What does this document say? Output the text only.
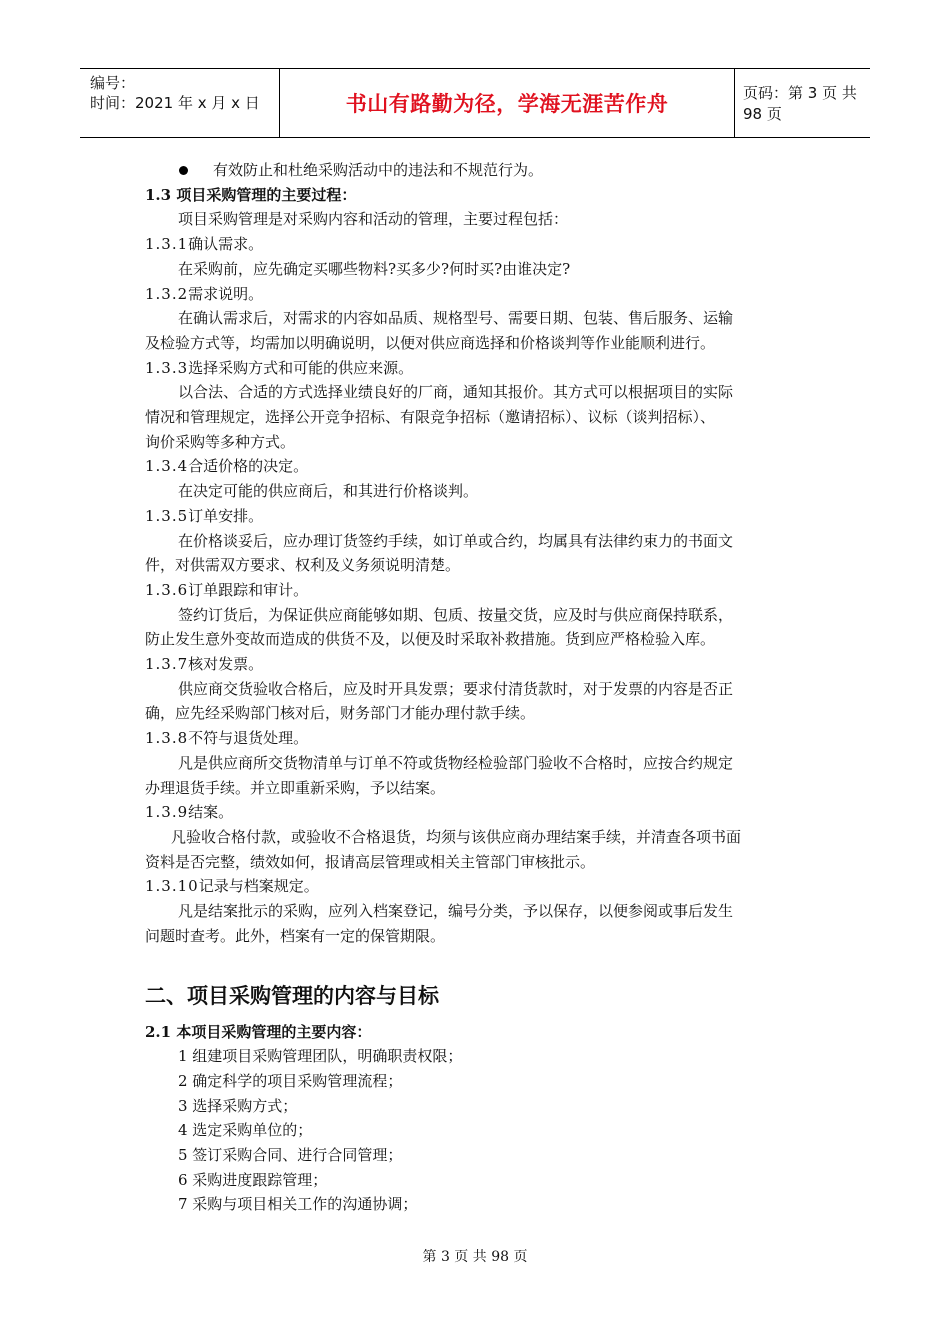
编号：
时间：2021 年 x 月 x 日	书山有路勤为径，学海无涯苦作舟	页码：第 3 页 共 98 页
有效防止和杜绝采购活动中的违法和不规范行为。
1.3 项目采购管理的主要过程：
项目采购管理是对采购内容和活动的管理，主要过程包括：
1.3.1确认需求。
在采购前，应先确定买哪些物料?买多少?何时买?由谁决定?
1.3.2需求说明。
在确认需求后，对需求的内容如品质、规格型号、需要日期、包装、售后服务、运输
及检验方式等，均需加以明确说明，以便对供应商选择和价格谈判等作业能顺利进行。
1.3.3选择采购方式和可能的供应来源。
以合法、合适的方式选择业绩良好的厂商，通知其报价。其方式可以根据项目的实际
情况和管理规定，选择公开竞争招标、有限竞争招标（邀请招标）、议标（谈判招标）、
询价采购等多种方式。
1.3.4合适价格的决定。
在决定可能的供应商后，和其进行价格谈判。
1.3.5订单安排。
在价格谈妥后，应办理订货签约手续，如订单或合约，均属具有法律约束力的书面文
件，对供需双方要求、权利及义务须说明清楚。
1.3.6订单跟踪和审计。
签约订货后，为保证供应商能够如期、包质、按量交货，应及时与供应商保持联系，
防止发生意外变故而造成的供货不及，以便及时采取补救措施。货到应严格检验入库。
1.3.7核对发票。
供应商交货验收合格后，应及时开具发票；要求付清货款时，对于发票的内容是否正
确，应先经采购部门核对后，财务部门才能办理付款手续。
1.3.8不符与退货处理。
凡是供应商所交货物清单与订单不符或货物经检验部门验收不合格时，应按合约规定
办理退货手续。并立即重新采购，予以结案。
1.3.9结案。
凡验收合格付款，或验收不合格退货，均须与该供应商办理结案手续，并清查各项书面
资料是否完整，绩效如何，报请高层管理或相关主管部门审核批示。
1.3.10记录与档案规定。
凡是结案批示的采购，应列入档案登记，编号分类，予以保存，以便参阅或事后发生
问题时查考。此外，档案有一定的保管期限。
二、项目采购管理的内容与目标
2.1 本项目采购管理的主要内容：
1 组建项目采购管理团队，明确职责权限；
2 确定科学的项目采购管理流程；
3 选择采购方式；
4 选定采购单位的；
5 签订采购合同、进行合同管理；
6 采购进度跟踪管理；
7 采购与项目相关工作的沟通协调；
第 3 页 共 98 页
